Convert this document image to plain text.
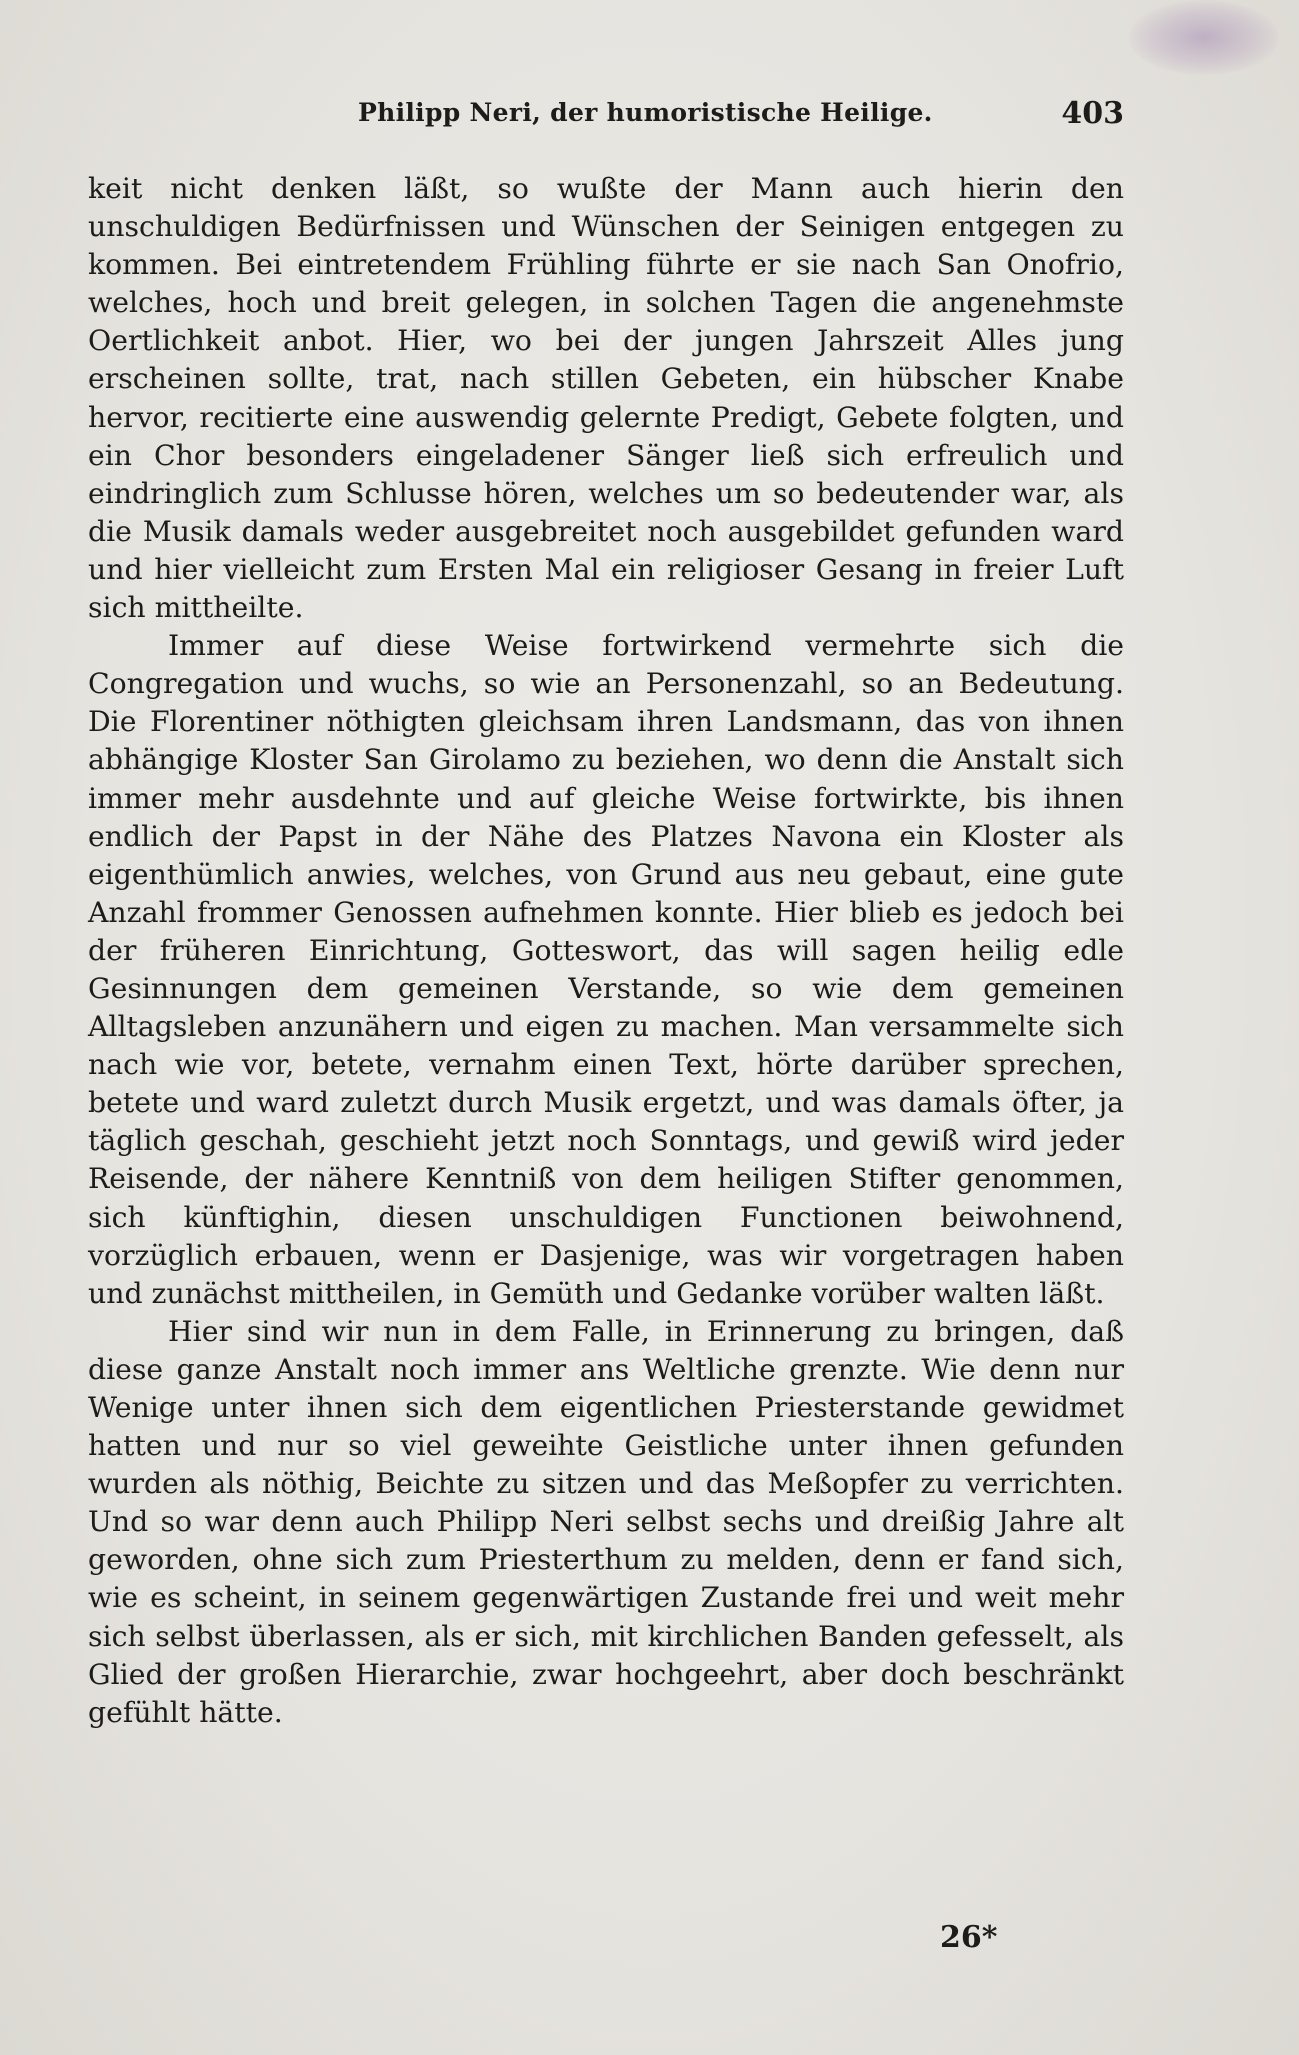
Philipp Neri, der humoristische Heilige.	403

keit nicht denken läßt, so wußte der Mann auch hierin den unschuldigen Bedürfnissen und Wünschen der Seinigen entgegen zu kommen. Bei eintretendem Frühling führte er sie nach San Onofrio, welches, hoch und breit gelegen, in solchen Tagen die angenehmste Oertlichkeit anbot. Hier, wo bei der jungen Jahrszeit Alles jung erscheinen sollte, trat, nach stillen Gebeten, ein hübscher Knabe hervor, recitierte eine auswendig gelernte Predigt, Gebete folgten, und ein Chor besonders eingeladener Sänger ließ sich erfreulich und eindringlich zum Schlusse hören, welches um so bedeutender war, als die Musik damals weder ausgebreitet noch ausgebildet gefunden ward und hier vielleicht zum Ersten Mal ein religioser Gesang in freier Luft sich mittheilte.

Immer auf diese Weise fortwirkend vermehrte sich die Congregation und wuchs, so wie an Personenzahl, so an Bedeutung. Die Florentiner nöthigten gleichsam ihren Landsmann, das von ihnen abhängige Kloster San Girolamo zu beziehen, wo denn die Anstalt sich immer mehr ausdehnte und auf gleiche Weise fortwirkte, bis ihnen endlich der Papst in der Nähe des Platzes Navona ein Kloster als eigenthümlich anwies, welches, von Grund aus neu gebaut, eine gute Anzahl frommer Genossen aufnehmen konnte. Hier blieb es jedoch bei der früheren Einrichtung, Gotteswort, das will sagen heilig edle Gesinnungen dem gemeinen Verstande, so wie dem gemeinen Alltagsleben anzunähern und eigen zu machen. Man versammelte sich nach wie vor, betete, vernahm einen Text, hörte darüber sprechen, betete und ward zuletzt durch Musik ergetzt, und was damals öfter, ja täglich geschah, geschieht jetzt noch Sonntags, und gewiß wird jeder Reisende, der nähere Kenntniß von dem heiligen Stifter genommen, sich künftighin, diesen unschuldigen Functionen beiwohnend, vorzüglich erbauen, wenn er Dasjenige, was wir vorgetragen haben und zunächst mittheilen, in Gemüth und Gedanke vorüber walten läßt.

Hier sind wir nun in dem Falle, in Erinnerung zu bringen, daß diese ganze Anstalt noch immer ans Weltliche grenzte. Wie denn nur Wenige unter ihnen sich dem eigentlichen Priesterstande gewidmet hatten und nur so viel geweihte Geistliche unter ihnen gefunden wurden als nöthig, Beichte zu sitzen und das Meßopfer zu verrichten. Und so war denn auch Philipp Neri selbst sechs und dreißig Jahre alt geworden, ohne sich zum Priesterthum zu melden, denn er fand sich, wie es scheint, in seinem gegenwärtigen Zustande frei und weit mehr sich selbst überlassen, als er sich, mit kirchlichen Banden gefesselt, als Glied der großen Hierarchie, zwar hochgeehrt, aber doch beschränkt gefühlt hätte.

26*
